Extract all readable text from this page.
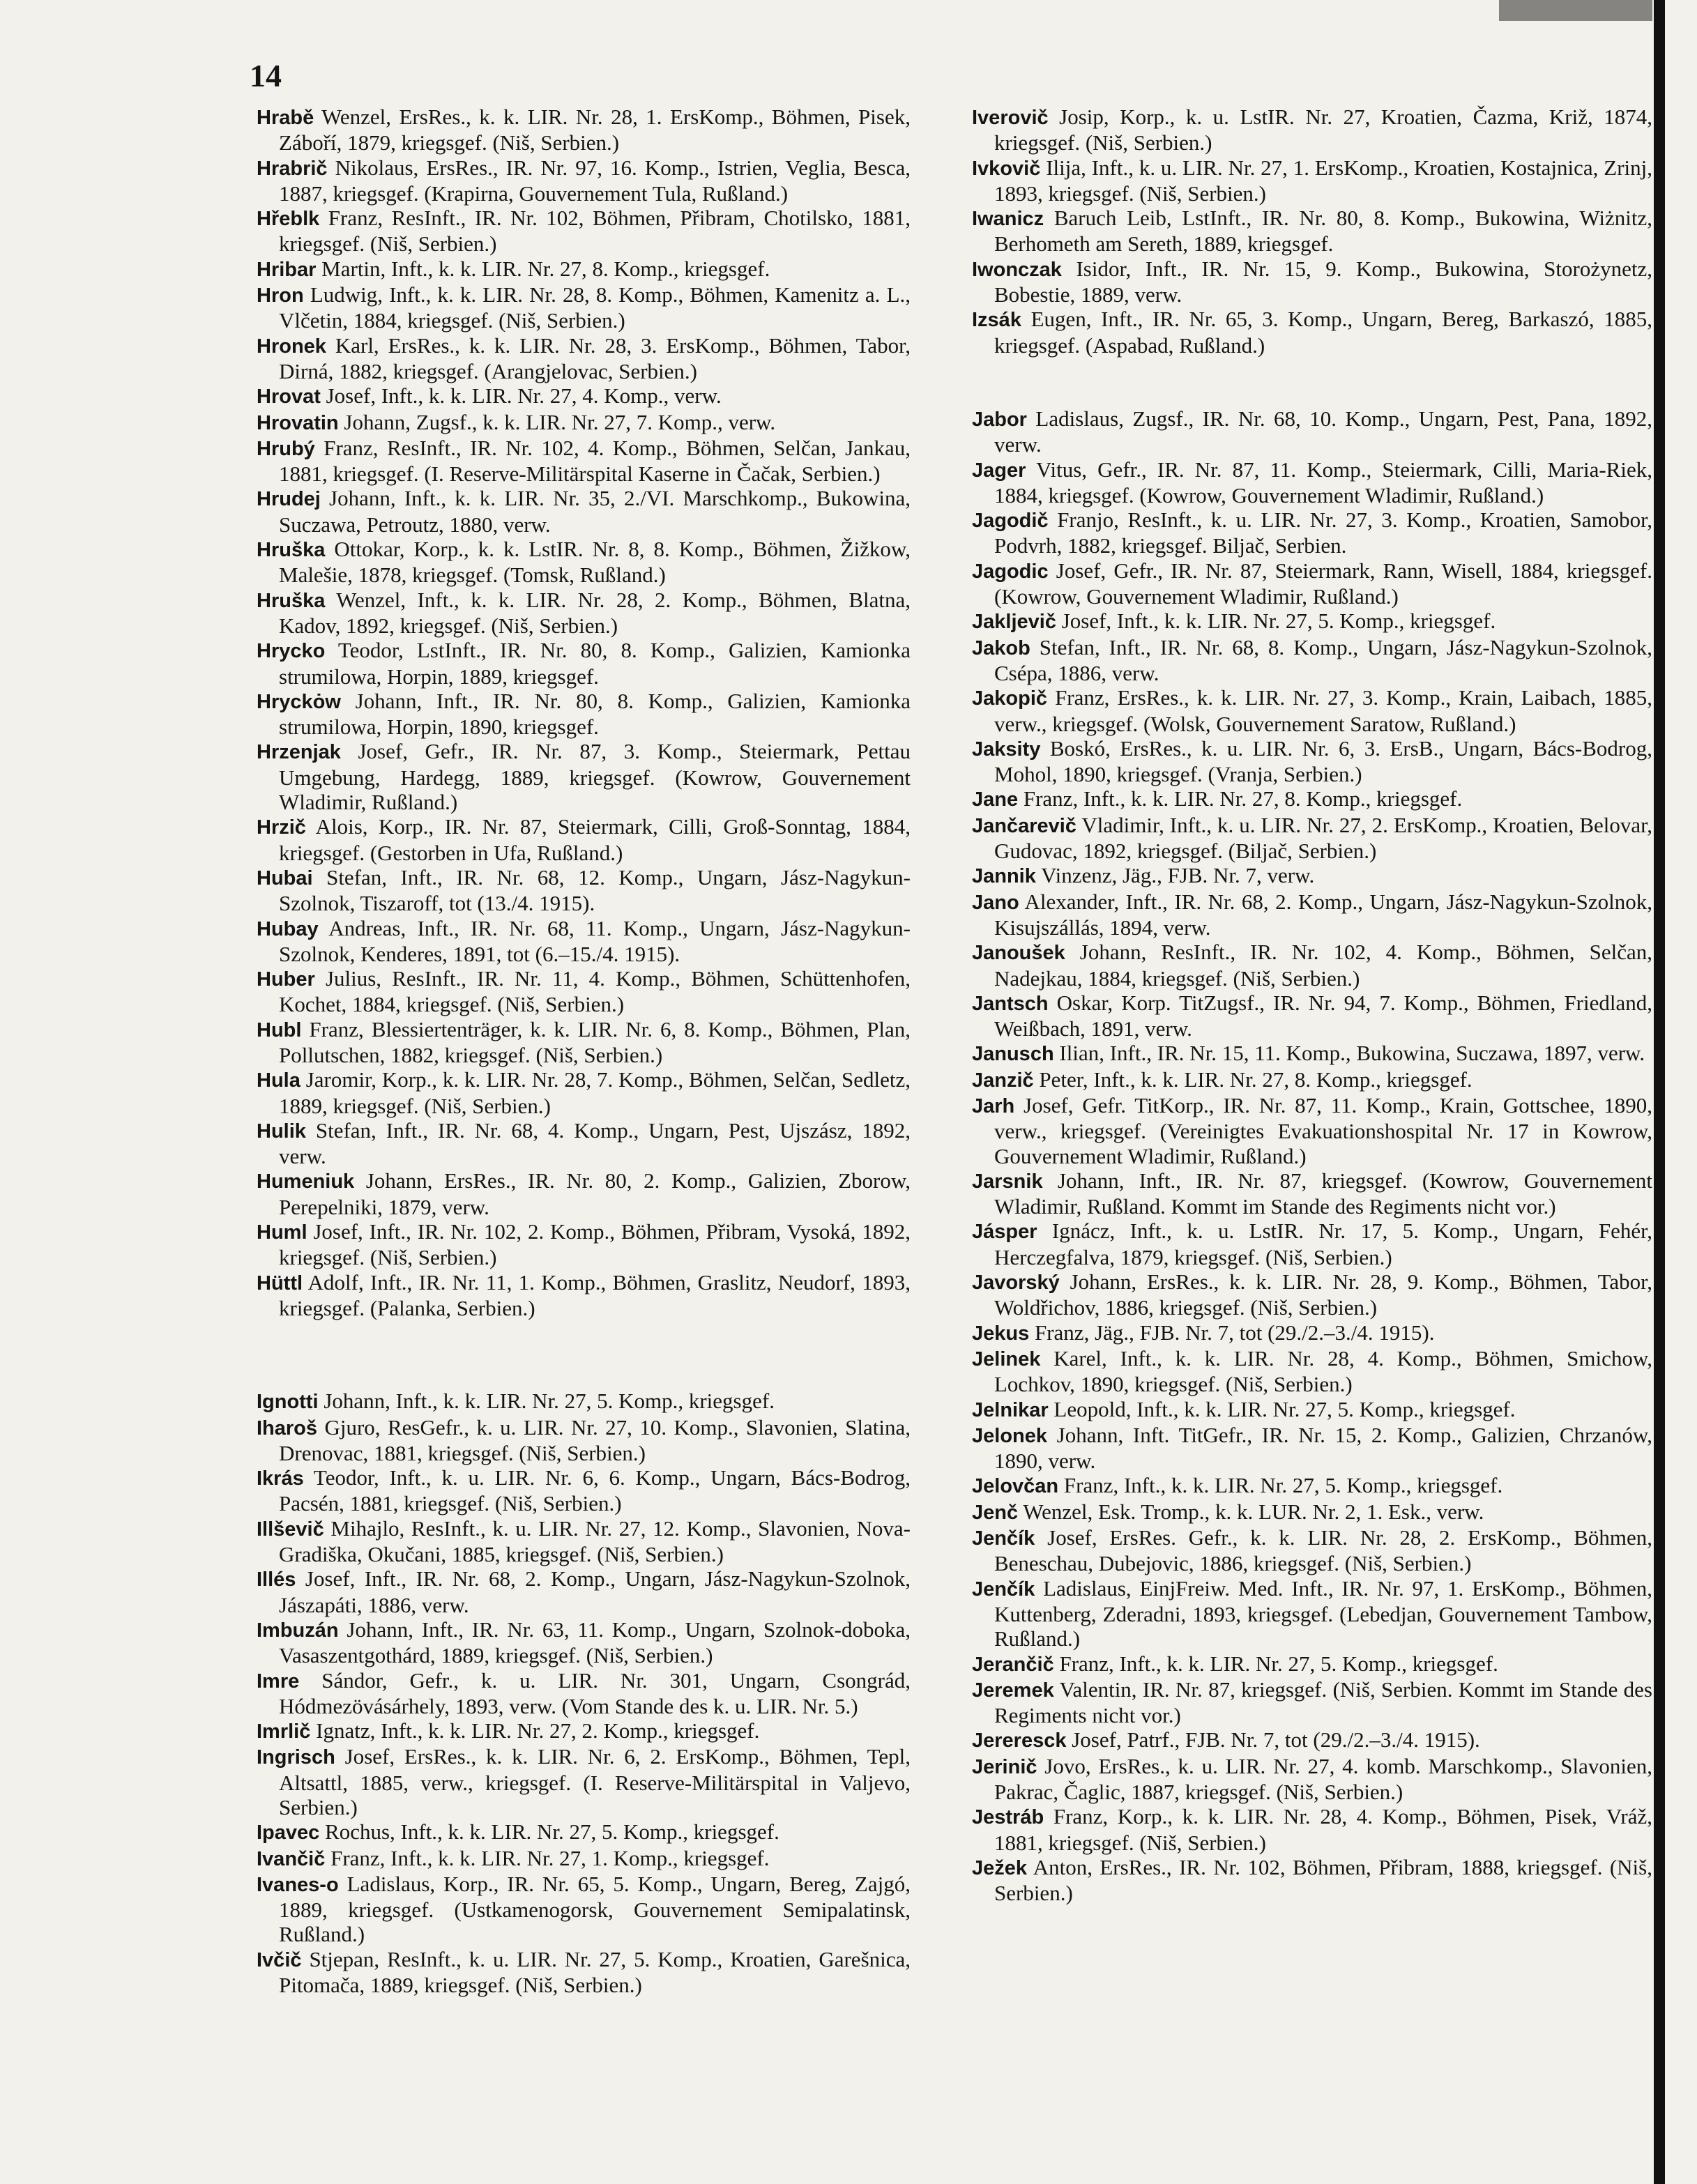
14

Hrabě Wenzel, ErsRes., k. k. LIR. Nr. 28, 1. ErsKomp., Böhmen, Pisek, Záboří, 1879, kriegsgef. (Niš, Serbien.)

Hrabrič Nikolaus, ErsRes., IR. Nr. 97, 16. Komp., Istrien, Veglia, Besca, 1887, kriegsgef. (Krapirna, Gouvernement Tula, Rußland.)

Hřeblk Franz, ResInft., IR. Nr. 102, Böhmen, Přibram, Chotilsko, 1881, kriegsgef. (Niš, Serbien.)

Hribar Martin, Inft., k. k. LIR. Nr. 27, 8. Komp., kriegsgef.

Hron Ludwig, Inft., k. k. LIR. Nr. 28, 8. Komp., Böhmen, Kamenitz a. L., Vlčetin, 1884, kriegsgef. (Niš, Serbien.)

Hronek Karl, ErsRes., k. k. LIR. Nr. 28, 3. ErsKomp., Böhmen, Tabor, Dirná, 1882, kriegsgef. (Arangjelovac, Serbien.)

Hrovat Josef, Inft., k. k. LIR. Nr. 27, 4. Komp., verw.

Hrovatin Johann, Zugsf., k. k. LIR. Nr. 27, 7. Komp., verw.

Hrubý Franz, ResInft., IR. Nr. 102, 4. Komp., Böhmen, Selčan, Jankau, 1881, kriegsgef. (I. Reserve-Militärspital Kaserne in Čačak, Serbien.)

Hrudej Johann, Inft., k. k. LIR. Nr. 35, 2./VI. Marschkomp., Bukowina, Suczawa, Petroutz, 1880, verw.

Hruška Ottokar, Korp., k. k. LstIR. Nr. 8, 8. Komp., Böhmen, Žižkow, Malešie, 1878, kriegsgef. (Tomsk, Rußland.)

Hruška Wenzel, Inft., k. k. LIR. Nr. 28, 2. Komp., Böhmen, Blatna, Kadov, 1892, kriegsgef. (Niš, Serbien.)

Hrycko Teodor, LstInft., IR. Nr. 80, 8. Komp., Galizien, Kamionka strumilowa, Horpin, 1889, kriegsgef.

Hryckȯw Johann, Inft., IR. Nr. 80, 8. Komp., Galizien, Kamionka strumilowa, Horpin, 1890, kriegsgef.

Hrzenjak Josef, Gefr., IR. Nr. 87, 3. Komp., Steiermark, Pettau Umgebung, Hardegg, 1889, kriegsgef. (Kowrow, Gouvernement Wladimir, Rußland.)

Hrzič Alois, Korp., IR. Nr. 87, Steiermark, Cilli, Groß-Sonntag, 1884, kriegsgef. (Gestorben in Ufa, Rußland.)

Hubai Stefan, Inft., IR. Nr. 68, 12. Komp., Ungarn, Jász-Nagykun-Szolnok, Tiszaroff, tot (13./4. 1915).

Hubay Andreas, Inft., IR. Nr. 68, 11. Komp., Ungarn, Jász-Nagykun-Szolnok, Kenderes, 1891, tot (6.–15./4. 1915).

Huber Julius, ResInft., IR. Nr. 11, 4. Komp., Böhmen, Schüttenhofen, Kochet, 1884, kriegsgef. (Niš, Serbien.)

Hubl Franz, Blessiertenträger, k. k. LIR. Nr. 6, 8. Komp., Böhmen, Plan, Pollutschen, 1882, kriegsgef. (Niš, Serbien.)

Hula Jaromir, Korp., k. k. LIR. Nr. 28, 7. Komp., Böhmen, Selčan, Sedletz, 1889, kriegsgef. (Niš, Serbien.)

Hulik Stefan, Inft., IR. Nr. 68, 4. Komp., Ungarn, Pest, Ujszász, 1892, verw.

Humeniuk Johann, ErsRes., IR. Nr. 80, 2. Komp., Galizien, Zborow, Perepelniki, 1879, verw.

Huml Josef, Inft., IR. Nr. 102, 2. Komp., Böhmen, Přibram, Vysoká, 1892, kriegsgef. (Niš, Serbien.)

Hüttl Adolf, Inft., IR. Nr. 11, 1. Komp., Böhmen, Graslitz, Neudorf, 1893, kriegsgef. (Palanka, Serbien.)

Ignotti Johann, Inft., k. k. LIR. Nr. 27, 5. Komp., kriegsgef.

Iharoš Gjuro, ResGefr., k. u. LIR. Nr. 27, 10. Komp., Slavonien, Slatina, Drenovac, 1881, kriegsgef. (Niš, Serbien.)

Ikrás Teodor, Inft., k. u. LIR. Nr. 6, 6. Komp., Ungarn, Bács-Bodrog, Pacsén, 1881, kriegsgef. (Niš, Serbien.)

Illševič Mihajlo, ResInft., k. u. LIR. Nr. 27, 12. Komp., Slavonien, Nova-Gradiška, Okučani, 1885, kriegsgef. (Niš, Serbien.)

Illés Josef, Inft., IR. Nr. 68, 2. Komp., Ungarn, Jász-Nagykun-Szolnok, Jászapáti, 1886, verw.

Imbuzán Johann, Inft., IR. Nr. 63, 11. Komp., Ungarn, Szolnok-doboka, Vasaszentgothárd, 1889, kriegsgef. (Niš, Serbien.)

Imre Sándor, Gefr., k. u. LIR. Nr. 301, Ungarn, Csongrád, Hódmezövásárhely, 1893, verw. (Vom Stande des k. u. LIR. Nr. 5.)

Imrlič Ignatz, Inft., k. k. LIR. Nr. 27, 2. Komp., kriegsgef.

Ingrisch Josef, ErsRes., k. k. LIR. Nr. 6, 2. ErsKomp., Böhmen, Tepl, Altsattl, 1885, verw., kriegsgef. (I. Reserve-Militärspital in Valjevo, Serbien.)

Ipavec Rochus, Inft., k. k. LIR. Nr. 27, 5. Komp., kriegsgef.

Ivančič Franz, Inft., k. k. LIR. Nr. 27, 1. Komp., kriegsgef.

Ivanes-o Ladislaus, Korp., IR. Nr. 65, 5. Komp., Ungarn, Bereg, Zajgó, 1889, kriegsgef. (Ustkamenogorsk, Gouvernement Semipalatinsk, Rußland.)

Ivčič Stjepan, ResInft., k. u. LIR. Nr. 27, 5. Komp., Kroatien, Garešnica, Pitomača, 1889, kriegsgef. (Niš, Serbien.)

Iverovič Josip, Korp., k. u. LstIR. Nr. 27, Kroatien, Čazma, Križ, 1874, kriegsgef. (Niš, Serbien.)

Ivkovič Ilija, Inft., k. u. LIR. Nr. 27, 1. ErsKomp., Kroatien, Kostajnica, Zrinj, 1893, kriegsgef. (Niš, Serbien.)

Iwanicz Baruch Leib, LstInft., IR. Nr. 80, 8. Komp., Bukowina, Wiżnitz, Berhometh am Sereth, 1889, kriegsgef.

Iwonczak Isidor, Inft., IR. Nr. 15, 9. Komp., Bukowina, Storożynetz, Bobestie, 1889, verw.

Izsák Eugen, Inft., IR. Nr. 65, 3. Komp., Ungarn, Bereg, Barkaszó, 1885, kriegsgef. (Aspabad, Rußland.)

Jabor Ladislaus, Zugsf., IR. Nr. 68, 10. Komp., Ungarn, Pest, Pana, 1892, verw.

Jager Vitus, Gefr., IR. Nr. 87, 11. Komp., Steiermark, Cilli, Maria-Riek, 1884, kriegsgef. (Kowrow, Gouvernement Wladimir, Rußland.)

Jagodič Franjo, ResInft., k. u. LIR. Nr. 27, 3. Komp., Kroatien, Samobor, Podvrh, 1882, kriegsgef. Biljač, Serbien.

Jagodic Josef, Gefr., IR. Nr. 87, Steiermark, Rann, Wisell, 1884, kriegsgef. (Kowrow, Gouvernement Wladimir, Rußland.)

Jakljevič Josef, Inft., k. k. LIR. Nr. 27, 5. Komp., kriegsgef.

Jakob Stefan, Inft., IR. Nr. 68, 8. Komp., Ungarn, Jász-Nagykun-Szolnok, Csépa, 1886, verw.

Jakopič Franz, ErsRes., k. k. LIR. Nr. 27, 3. Komp., Krain, Laibach, 1885, verw., kriegsgef. (Wolsk, Gouvernement Saratow, Rußland.)

Jaksity Boskó, ErsRes., k. u. LIR. Nr. 6, 3. ErsB., Ungarn, Bács-Bodrog, Mohol, 1890, kriegsgef. (Vranja, Serbien.)

Jane Franz, Inft., k. k. LIR. Nr. 27, 8. Komp., kriegsgef.

Jančarevič Vladimir, Inft., k. u. LIR. Nr. 27, 2. ErsKomp., Kroatien, Belovar, Gudovac, 1892, kriegsgef. (Biljač, Serbien.)

Jannik Vinzenz, Jäg., FJB. Nr. 7, verw.

Jano Alexander, Inft., IR. Nr. 68, 2. Komp., Ungarn, Jász-Nagykun-Szolnok, Kisujszállás, 1894, verw.

Janoušek Johann, ResInft., IR. Nr. 102, 4. Komp., Böhmen, Selčan, Nadejkau, 1884, kriegsgef. (Niš, Serbien.)

Jantsch Oskar, Korp. TitZugsf., IR. Nr. 94, 7. Komp., Böhmen, Friedland, Weißbach, 1891, verw.

Janusch Ilian, Inft., IR. Nr. 15, 11. Komp., Bukowina, Suczawa, 1897, verw.

Janzič Peter, Inft., k. k. LIR. Nr. 27, 8. Komp., kriegsgef.

Jarh Josef, Gefr. TitKorp., IR. Nr. 87, 11. Komp., Krain, Gottschee, 1890, verw., kriegsgef. (Vereinigtes Evakuationshospital Nr. 17 in Kowrow, Gouvernement Wladimir, Rußland.)

Jarsnik Johann, Inft., IR. Nr. 87, kriegsgef. (Kowrow, Gouvernement Wladimir, Rußland. Kommt im Stande des Regiments nicht vor.)

Jásper Ignácz, Inft., k. u. LstIR. Nr. 17, 5. Komp., Ungarn, Fehér, Herczegfalva, 1879, kriegsgef. (Niš, Serbien.)

Javorský Johann, ErsRes., k. k. LIR. Nr. 28, 9. Komp., Böhmen, Tabor, Woldřichov, 1886, kriegsgef. (Niš, Serbien.)

Jekus Franz, Jäg., FJB. Nr. 7, tot (29./2.–3./4. 1915).

Jelinek Karel, Inft., k. k. LIR. Nr. 28, 4. Komp., Böhmen, Smichow, Lochkov, 1890, kriegsgef. (Niš, Serbien.)

Jelnikar Leopold, Inft., k. k. LIR. Nr. 27, 5. Komp., kriegsgef.

Jelonek Johann, Inft. TitGefr., IR. Nr. 15, 2. Komp., Galizien, Chrzanów, 1890, verw.

Jelovčan Franz, Inft., k. k. LIR. Nr. 27, 5. Komp., kriegsgef.

Jenč Wenzel, Esk. Tromp., k. k. LUR. Nr. 2, 1. Esk., verw.

Jenčík Josef, ErsRes. Gefr., k. k. LIR. Nr. 28, 2. ErsKomp., Böhmen, Beneschau, Dubejovic, 1886, kriegsgef. (Niš, Serbien.)

Jenčík Ladislaus, EinjFreiw. Med. Inft., IR. Nr. 97, 1. ErsKomp., Böhmen, Kuttenberg, Zderadni, 1893, kriegsgef. (Lebedjan, Gouvernement Tambow, Rußland.)

Jerančič Franz, Inft., k. k. LIR. Nr. 27, 5. Komp., kriegsgef.

Jeremek Valentin, IR. Nr. 87, kriegsgef. (Niš, Serbien. Kommt im Stande des Regiments nicht vor.)

Jereresck Josef, Patrf., FJB. Nr. 7, tot (29./2.–3./4. 1915).

Jerinič Jovo, ErsRes., k. u. LIR. Nr. 27, 4. komb. Marschkomp., Slavonien, Pakrac, Čaglic, 1887, kriegsgef. (Niš, Serbien.)

Jestráb Franz, Korp., k. k. LIR. Nr. 28, 4. Komp., Böhmen, Pisek, Vráž, 1881, kriegsgef. (Niš, Serbien.)

Ježek Anton, ErsRes., IR. Nr. 102, Böhmen, Přibram, 1888, kriegsgef. (Niš, Serbien.)
